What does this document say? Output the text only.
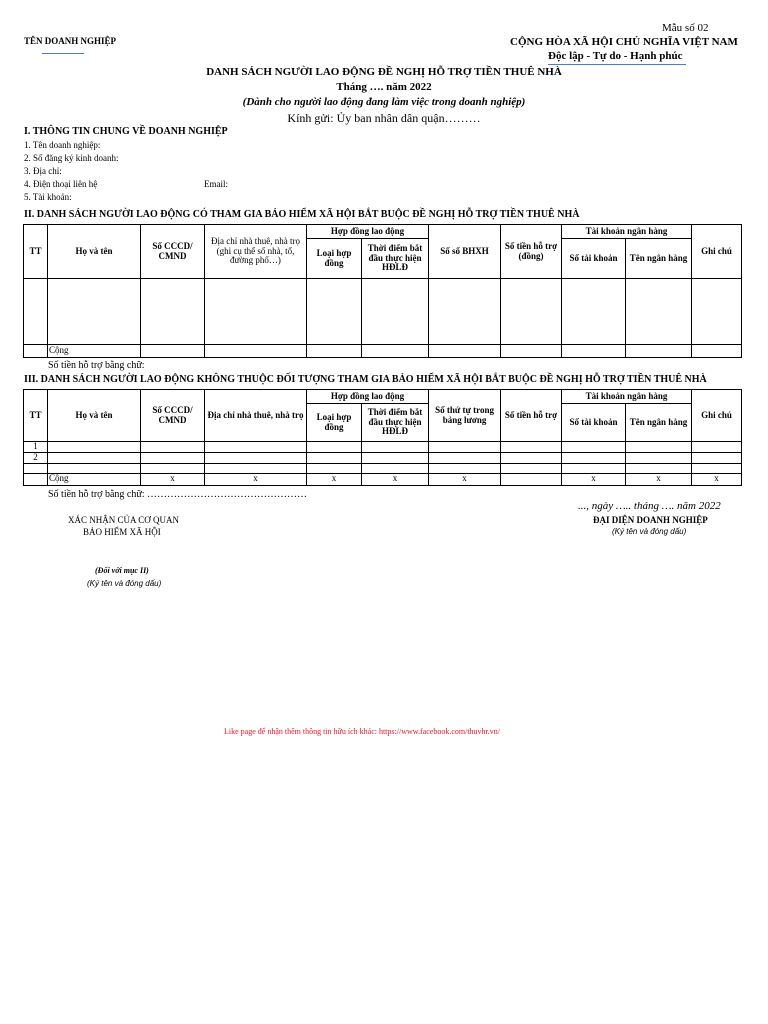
Mẫu số 02
TÊN DOANH NGHIỆP	CỘNG HÒA XÃ HỘI CHỦ NGHĨA VIỆT NAM
Độc lập - Tự do - Hạnh phúc
DANH SÁCH NGƯỜI LAO ĐỘNG ĐỀ NGHỊ HỖ TRỢ TIỀN THUÊ NHÀ
Tháng …. năm 2022
(Dành cho người lao động đang làm việc trong doanh nghiệp)
Kính gửi: Ủy ban nhân dân quận………
I. THÔNG TIN CHUNG VỀ DOANH NGHIỆP
1. Tên doanh nghiệp:
2. Số đăng ký kinh doanh:
3. Địa chỉ:
4. Điện thoại liên hệ	Email:
5. Tài khoản:
II. DANH SÁCH NGƯỜI LAO ĐỘNG CÓ THAM GIA BẢO HIỂM XÃ HỘI BẮT BUỘC ĐỀ NGHỊ HỖ TRỢ TIỀN THUÊ NHÀ
TT	Họ và tên	Số CCCD/ CMND	Địa chỉ nhà thuê, nhà trọ (ghi cụ thể số nhà, tổ, đường phố…)	Hợp đồng lao động		Số sổ BHXH	Số tiền hỗ trợ (đồng)	Tài khoản ngân hàng		Ghi chú
				Loại hợp đồng	Thời điểm bắt đầu thực hiện HĐLĐ			Số tài khoản	Tên ngân hàng	

	Cộng									
Số tiền hỗ trợ bằng chữ:
III. DANH SÁCH NGƯỜI LAO ĐỘNG KHÔNG THUỘC ĐỐI TƯỢNG THAM GIA BẢO HIỂM XÃ HỘI BẮT BUỘC ĐỀ NGHỊ HỖ TRỢ TIỀN THUÊ NHÀ
TT	Họ và tên	Số CCCD/ CMND	Địa chỉ nhà thuê, nhà trọ	Hợp đồng lao động		Số thứ tự trong bảng lương	Số tiền hỗ trợ	Tài khoản ngân hàng		Ghi chú
				Loại hợp đồng	Thời điểm bắt đầu thực hiện HĐLĐ			Số tài khoản	Tên ngân hàng	
1										
2										

	Cộng	x	x	x	x	x		x	x	x
Số tiền hỗ trợ bằng chữ: …………………………………………
..., ngày ….. tháng …. năm 2022
ĐẠI DIỆN DOANH NGHIỆP
(Ký tên và đóng dấu)
XÁC NHẬN CỦA CƠ QUAN
BẢO HIỂM XÃ HỘI
(Đối với mục II)
(Ký tên và đóng dấu)
Like page để nhận thêm thông tin hữu ích khác: https://www.facebook.com/thuvhr.vn/
